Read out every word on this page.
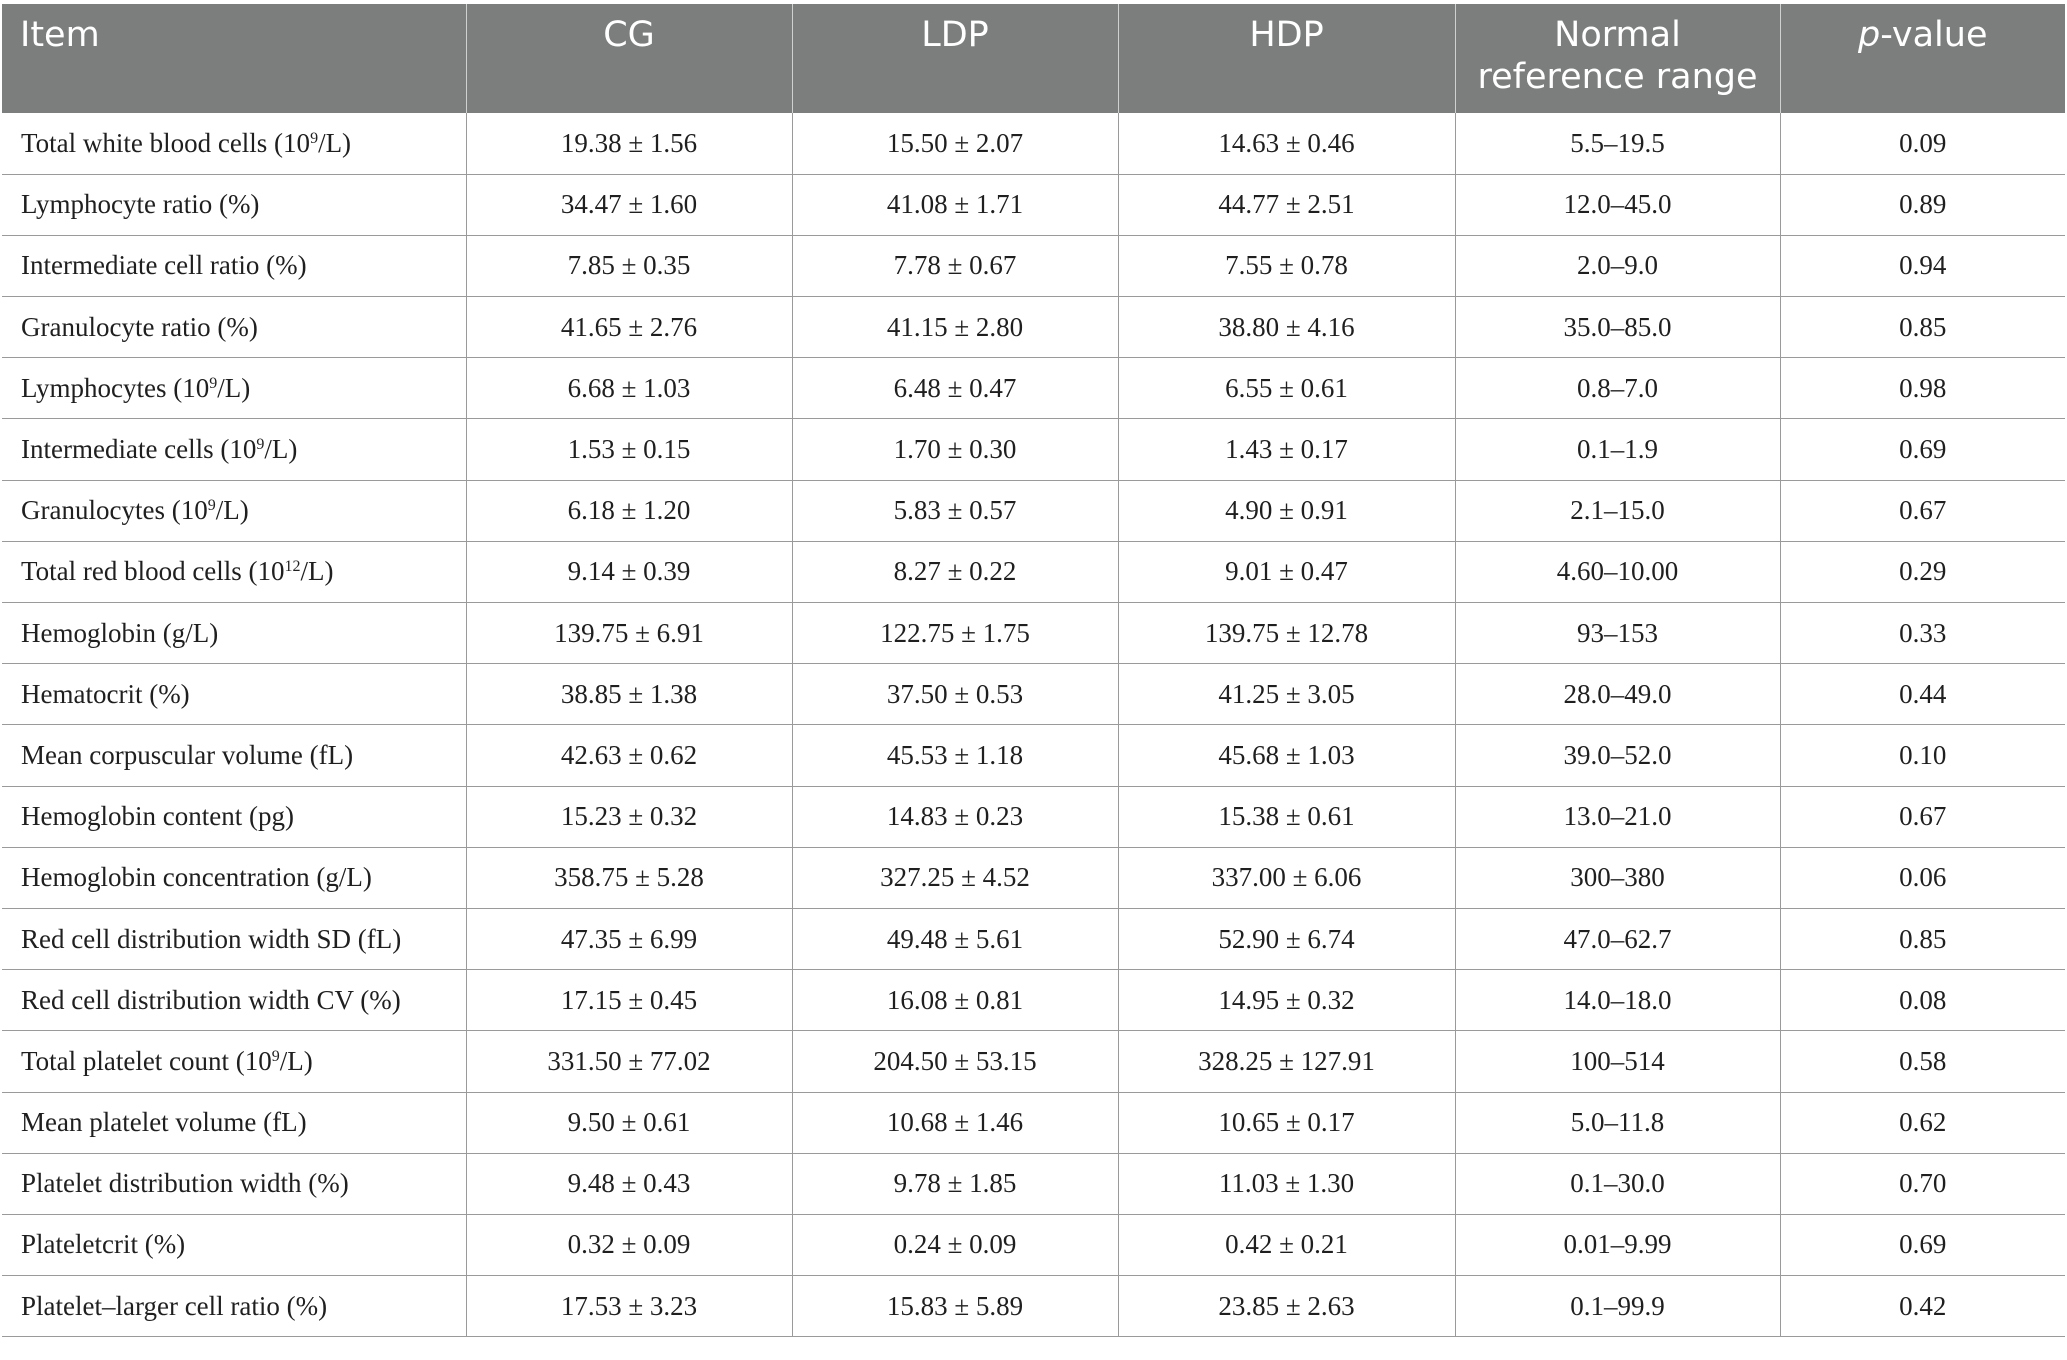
Item	CG	LDP	HDP	Normal reference range	p-value
Total white blood cells $(10^9/L)$	19.38 ± 1.56	15.50 ± 2.07	14.63 ± 0.46	5.5–19.5	0.09
Lymphocyte ratio (%)	34.47 ± 1.60	41.08 ± 1.71	44.77 ± 2.51	12.0–45.0	0.89
Intermediate cell ratio (%)	7.85 ± 0.35	7.78 ± 0.67	7.55 ± 0.78	2.0–9.0	0.94
Granulocyte ratio (%)	41.65 ± 2.76	41.15 ± 2.80	38.80 ± 4.16	35.0–85.0	0.85
Lymphocytes $(10^9/L)$	6.68 ± 1.03	6.48 ± 0.47	6.55 ± 0.61	0.8–7.0	0.98
Intermediate cells $(10^9/L)$	1.53 ± 0.15	1.70 ± 0.30	1.43 ± 0.17	0.1–1.9	0.69
Granulocytes $(10^9/L)$	6.18 ± 1.20	5.83 ± 0.57	4.90 ± 0.91	2.1–15.0	0.67
Total red blood cells $(10^{12}/L)$	9.14 ± 0.39	8.27 ± 0.22	9.01 ± 0.47	4.60–10.00	0.29
Hemoglobin (g/L)	139.75 ± 6.91	122.75 ± 1.75	139.75 ± 12.78	93–153	0.33
Hematocrit (%)	38.85 ± 1.38	37.50 ± 0.53	41.25 ± 3.05	28.0–49.0	0.44
Mean corpuscular volume (fL)	42.63 ± 0.62	45.53 ± 1.18	45.68 ± 1.03	39.0–52.0	0.10
Hemoglobin content (pg)	15.23 ± 0.32	14.83 ± 0.23	15.38 ± 0.61	13.0–21.0	0.67
Hemoglobin concentration (g/L)	358.75 ± 5.28	327.25 ± 4.52	337.00 ± 6.06	300–380	0.06
Red cell distribution width SD (fL)	47.35 ± 6.99	49.48 ± 5.61	52.90 ± 6.74	47.0–62.7	0.85
Red cell distribution width CV (%)	17.15 ± 0.45	16.08 ± 0.81	14.95 ± 0.32	14.0–18.0	0.08
Total platelet count $(10^9/L)$	331.50 ± 77.02	204.50 ± 53.15	328.25 ± 127.91	100–514	0.58
Mean platelet volume (fL)	9.50 ± 0.61	10.68 ± 1.46	10.65 ± 0.17	5.0–11.8	0.62
Platelet distribution width (%)	9.48 ± 0.43	9.78 ± 1.85	11.03 ± 1.30	0.1–30.0	0.70
Plateletcrit (%)	0.32 ± 0.09	0.24 ± 0.09	0.42 ± 0.21	0.01–9.99	0.69
Platelet–larger cell ratio (%)	17.53 ± 3.23	15.83 ± 5.89	23.85 ± 2.63	0.1–99.9	0.42
